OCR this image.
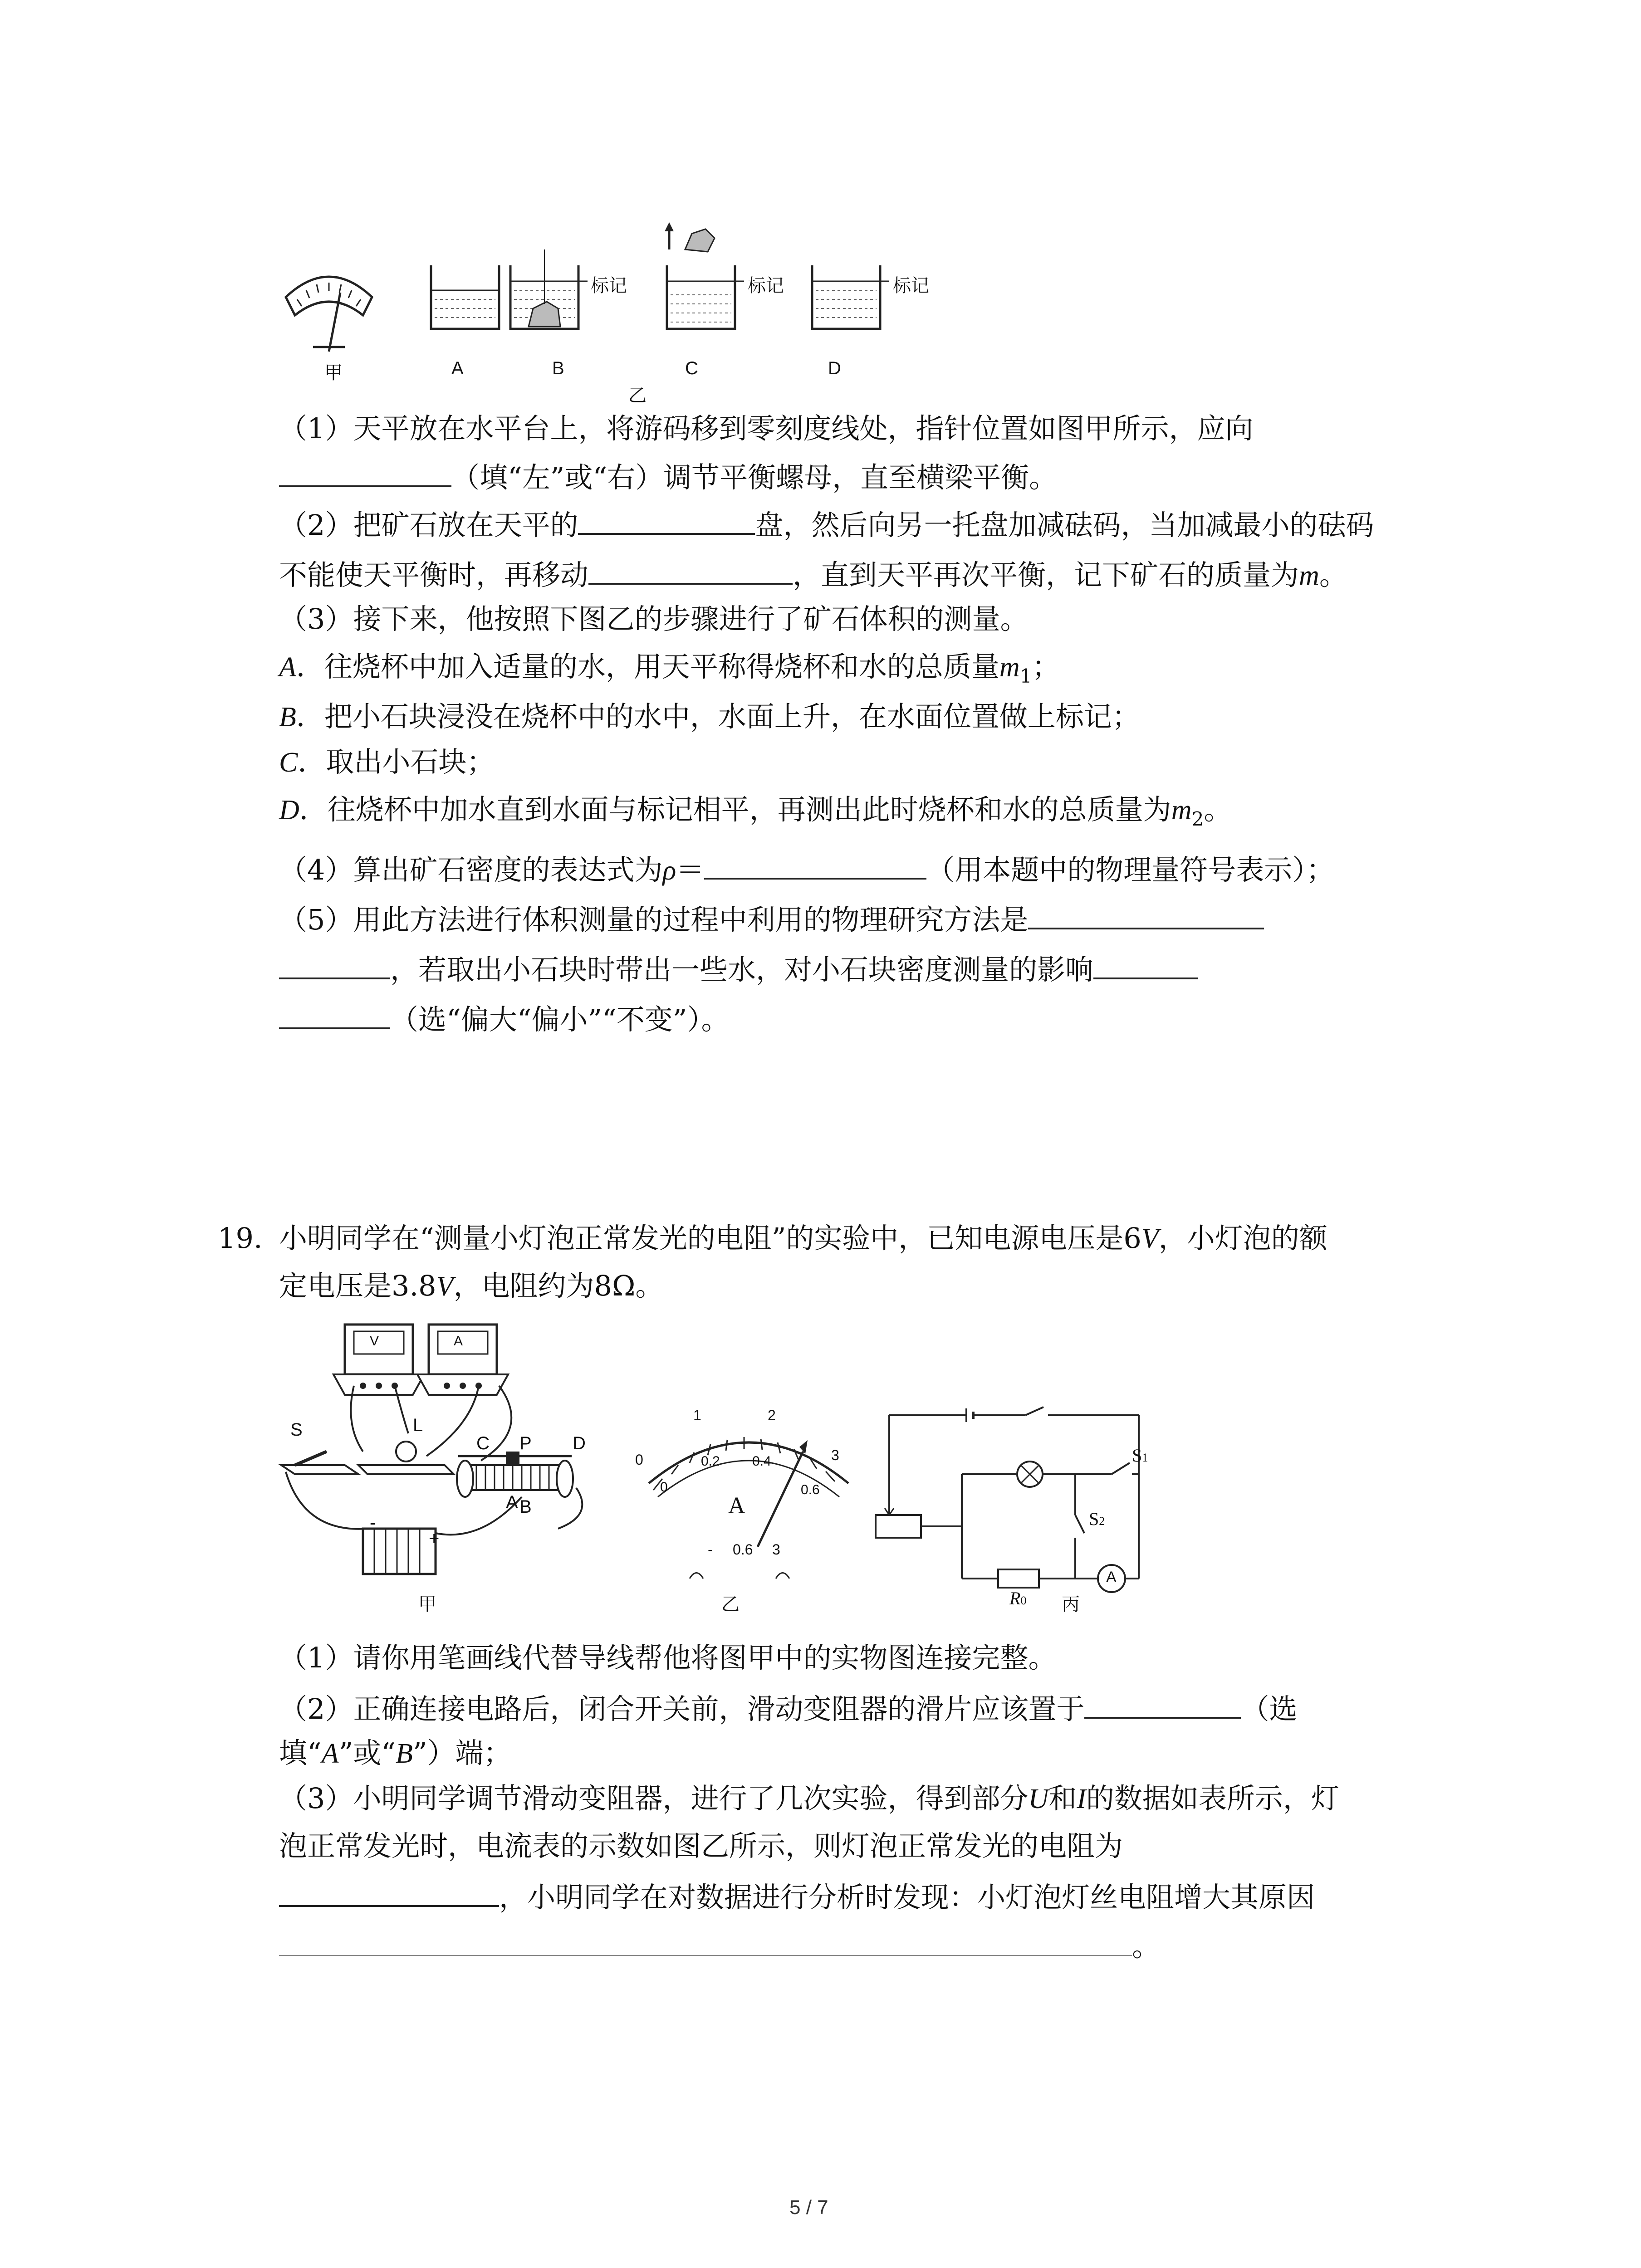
甲
标记	标记	标记
A	B	C	D
乙
（1）天平放在水平台上，将游码移到零刻度线处，指针位置如图甲所示，应向
（填“左”或“右）调节平衡螺母，直至横梁平衡。
（2）把矿石放在天平的	盘，然后向另一托盘加减砝码，当加减最小的砝码
不能使天平衡时，再移动	，直到天平再次平衡，记下矿石的质量为m。
（3）接下来，他按照下图乙的步骤进行了矿石体积的测量。
A．往烧杯中加入适量的水，用天平称得烧杯和水的总质量$m_1$；
B．把小石块浸没在烧杯中的水中，水面上升，在水面位置做上标记；
C．取出小石块；
D．往烧杯中加水直到水面与标记相平，再测出此时烧杯和水的总质量为$m_2$。
（4）算出矿石密度的表达式为ρ＝	（用本题中的物理量符号表示）；
（5）用此方法进行体积测量的过程中利用的物理研究方法是
，若取出小石块时带出一些水，对小石块密度测量的影响
（选“偏大“偏小”“不变”）。
19. 小明同学在“测量小灯泡正常发光的电阻”的实验中，已知电源电压是6V，小灯泡的额
定电压是3.8V，电阻约为8Ω。
V	A
S	L
C P D
A B
-
+
甲
0
1	2
3
0
0.2 0.4
0.6
A
- 0.6 3
乙
S1
S2
R0
A
丙
（1）请你用笔画线代替导线帮他将图甲中的实物图连接完整。
（2）正确连接电路后，闭合开关前，滑动变阻器的滑片应该置于	（选
填“A”或“B”）端；
（3）小明同学调节滑动变阻器，进行了几次实验，得到部分U和I的数据如表所示，灯
泡正常发光时，电流表的示数如图乙所示，则灯泡正常发光的电阻为
，小明同学在对数据进行分析时发现：小灯泡灯丝电阻增大其原因
。
5 / 7
